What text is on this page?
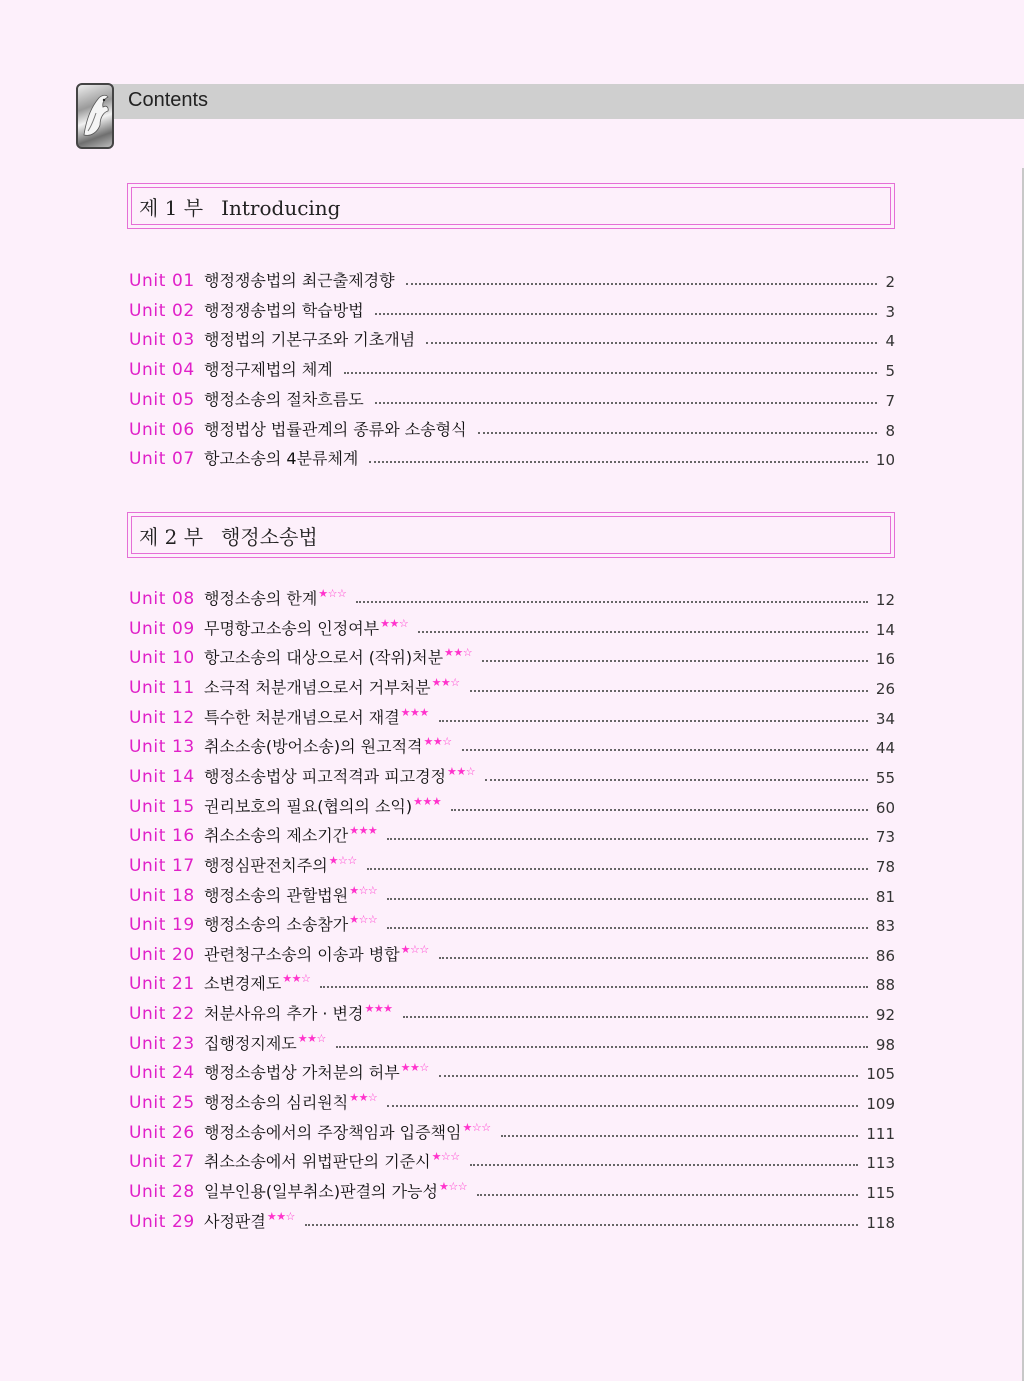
Contents
제 1 부 Introducing
Unit 01 행정쟁송법의 최근출제경향	2
Unit 02 행정쟁송법의 학습방법	3
Unit 03 행정법의 기본구조와 기초개념	4
Unit 04 행정구제법의 체계	5
Unit 05 행정소송의 절차흐름도	7
Unit 06 행정법상 법률관계의 종류와 소송형식	8
Unit 07 항고소송의 4분류체계	10
제 2 부 행정소송법
Unit 08 행정소송의 한계★☆☆	12
Unit 09 무명항고소송의 인정여부★★☆	14
Unit 10 항고소송의 대상으로서 (작위)처분★★☆	16
Unit 11 소극적 처분개념으로서 거부처분★★☆	26
Unit 12 특수한 처분개념으로서 재결★★★	34
Unit 13 취소소송(방어소송)의 원고적격★★☆	44
Unit 14 행정소송법상 피고적격과 피고경정★★☆	55
Unit 15 권리보호의 필요(협의의 소익)★★★	60
Unit 16 취소소송의 제소기간★★★	73
Unit 17 행정심판전치주의★☆☆	78
Unit 18 행정소송의 관할법원★☆☆	81
Unit 19 행정소송의 소송참가★☆☆	83
Unit 20 관련청구소송의 이송과 병합★☆☆	86
Unit 21 소변경제도★★☆	88
Unit 22 처분사유의 추가 · 변경★★★	92
Unit 23 집행정지제도★★☆	98
Unit 24 행정소송법상 가처분의 허부★★☆	105
Unit 25 행정소송의 심리원칙★★☆	109
Unit 26 행정소송에서의 주장책임과 입증책임★☆☆	111
Unit 27 취소소송에서 위법판단의 기준시★☆☆	113
Unit 28 일부인용(일부취소)판결의 가능성★☆☆	115
Unit 29 사정판결★★☆	118
